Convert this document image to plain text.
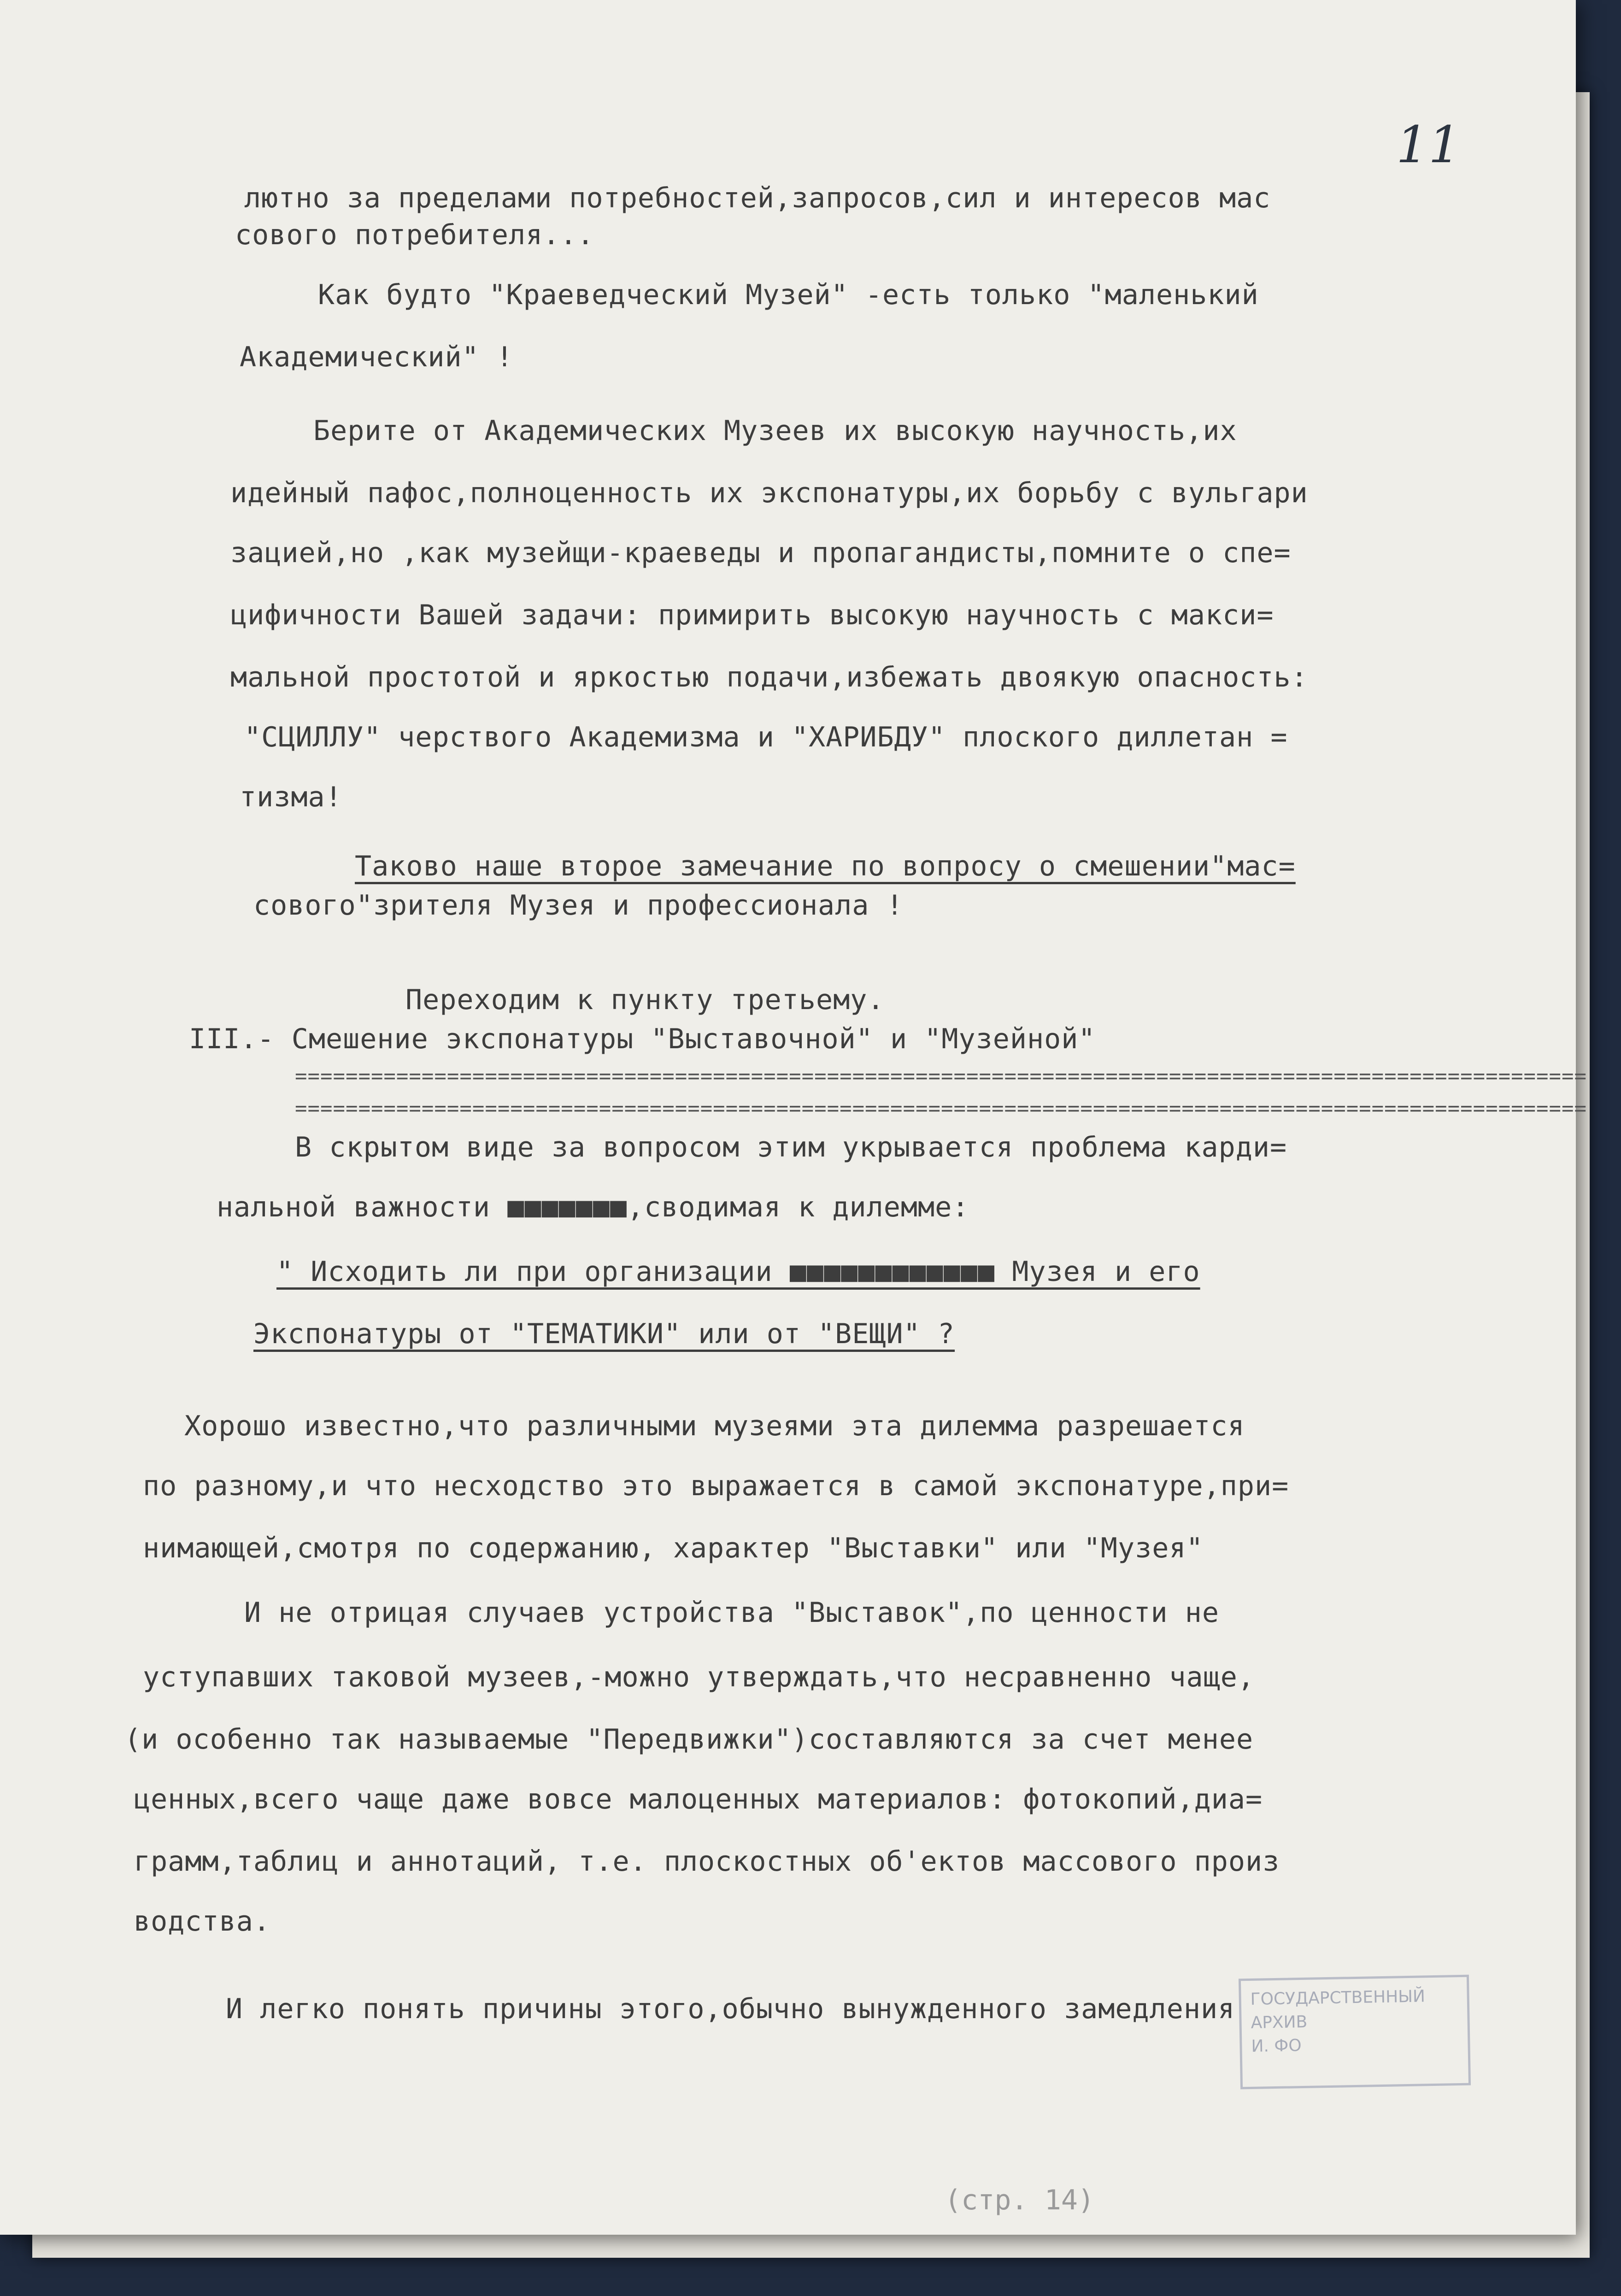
11
лютно за пределами потребностей,запросов,сил и интересов мас
сового потребителя...
Как будто "Краеведческий Музей" -есть только "маленький
Академический" !
Берите от Академических Музеев их высокую научность,их
идейный пафос,полноценность их экспонатуры,их борьбу с вульгари
зацией,но ,как музейщи-краеведы и пропагандисты,помните о спе=
цифичности Вашей задачи: примирить высокую научность с макси=
мальной простотой и яркостью подачи,избежать двоякую опасность:
"СЦИЛЛУ" черствого Академизма и "ХАРИБДУ" плоского диллетан =
тизма!
Таково наше второе замечание по вопросу о смешении"мас=
сового"зрителя Музея и профессионала !
Переходим к пункту третьему.
III.- Смешение экспонатуры "Выставочной" и "Музейной"
======================================================================================================
======================================================================================================
В скрытом виде за вопросом этим укрывается проблема карди=
нальной важности ■■■■■■■,сводимая к дилемме:
" Исходить ли при организации ■■■■■■■■■■■■ Музея и его
Экспонатуры от "ТЕМАТИКИ" или от "ВЕЩИ" ?
Хорошо известно,что различными музеями эта дилемма разрешается
по разному,и что несходство это выражается в самой экспонатуре,при=
нимающей,смотря по содержанию, характер "Выставки" или "Музея"
И не отрицая случаев устройства "Выставок",по ценности не
уступавших таковой музеев,-можно утверждать,что несравненно чаще,
(и особенно так называемые "Передвижки")составляются за счет менее
ценных,всего чаще даже вовсе малоценных материалов: фотокопий,диа=
грамм,таблиц и аннотаций, т.е. плоскостных об'ектов массового произ
водства.
И легко понять причины этого,обычно вынужденного замедления ГОСУДАРСТВЕННЫЙ
АРХИВ
И. ФО
(стр. 14)
